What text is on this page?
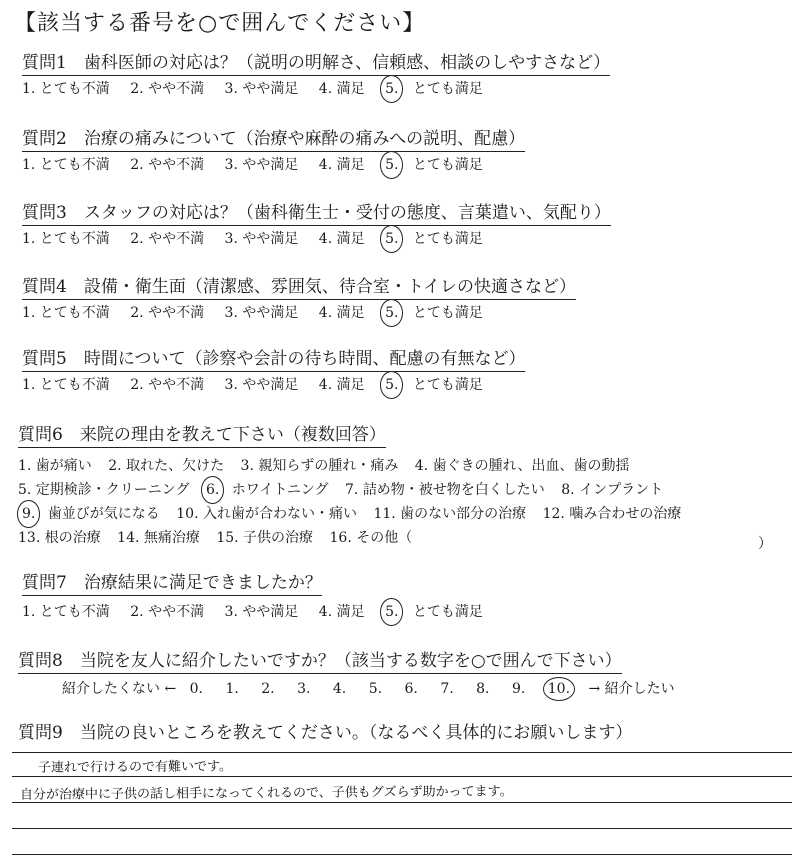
【該当する番号を○で囲んでください】
質問1　歯科医師の対応は？（説明の明解さ、信頼感、相談のしやすさなど）
1. とても不満 2. やや不満 3. やや満足 4. 満足 5. とても満足
質問2　治療の痛みについて（治療や麻酔の痛みへの説明、配慮）
1. とても不満 2. やや不満 3. やや満足 4. 満足 5. とても満足
質問3　スタッフの対応は？（歯科衛生士・受付の態度、言葉遣い、気配り）
1. とても不満 2. やや不満 3. やや満足 4. 満足 5. とても満足
質問4　設備・衛生面（清潔感、雰囲気、待合室・トイレの快適さなど）
1. とても不満 2. やや不満 3. やや満足 4. 満足 5. とても満足
質問5　時間について（診察や会計の待ち時間、配慮の有無など）
1. とても不満 2. やや不満 3. やや満足 4. 満足 5. とても満足
質問6　来院の理由を教えて下さい（複数回答）
1. 歯が痛い 2. 取れた、欠けた 3. 親知らずの腫れ・痛み 4. 歯ぐきの腫れ、出血、歯の動揺
5. 定期検診・クリーニング 6. ホワイトニング 7. 詰め物・被せ物を白くしたい 8. インプラント
9. 歯並びが気になる 10. 入れ歯が合わない・痛い 11. 歯のない部分の治療 12. 噛み合わせの治療
13. 根の治療 14. 無痛治療 15. 子供の治療 16. その他（	）
質問7　治療結果に満足できましたか？
1. とても不満 2. やや不満 3. やや満足 4. 満足 5. とても満足
質問8　当院を友人に紹介したいですか？（該当する数字を○で囲んで下さい）
紹介したくない ← 0. 1. 2. 3. 4. 5. 6. 7. 8. 9. 10. → 紹介したい
質問9　当院の良いところを教えてください。（なるべく具体的にお願いします）
子連れで行けるので有難いです。
自分が治療中に子供の話し相手になってくれるので、子供もグズらず助かってます。
